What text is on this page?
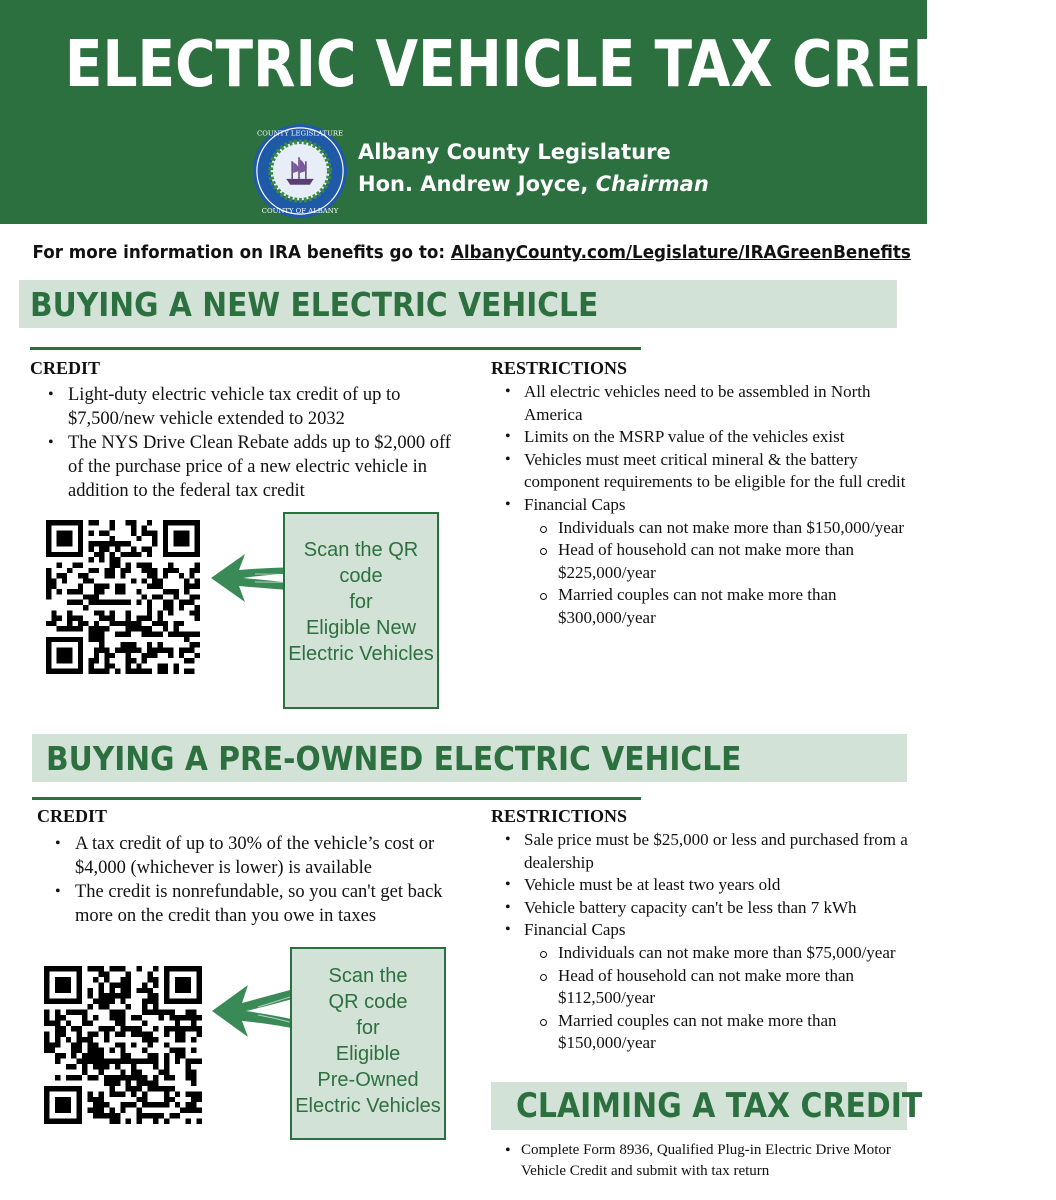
ELECTRIC VEHICLE TAX CREDITS
COUNTY LEGISLATURE
COUNTY OF ALBANY
Albany County Legislature
Hon. Andrew Joyce, Chairman
For more information on IRA benefits go to: AlbanyCounty.com/Legislature/IRAGreenBenefits
BUYING A NEW ELECTRIC VEHICLE
CREDIT
• Light-duty electric vehicle tax credit of up to $7,500/new vehicle extended to 2032
• The NYS Drive Clean Rebate adds up to $2,000 off of the purchase price of a new electric vehicle in addition to the federal tax credit
RESTRICTIONS
• All electric vehicles need to be assembled in North America
• Limits on the MSRP value of the vehicles exist
• Vehicles must meet critical mineral & the battery component requirements to be eligible for the full credit
• Financial Caps
Individuals can not make more than $150,000/year
Head of household can not make more than $225,000/year
Married couples can not make more than $300,000/year
Scan the QR
code
for
Eligible New
Electric Vehicles
BUYING A PRE-OWNED ELECTRIC VEHICLE
CREDIT
• A tax credit of up to 30% of the vehicle’s cost or $4,000 (whichever is lower) is available
• The credit is nonrefundable, so you can't get back more on the credit than you owe in taxes
RESTRICTIONS
• Sale price must be $25,000 or less and purchased from a dealership
• Vehicle must be at least two years old
• Vehicle battery capacity can't be less than 7 kWh
• Financial Caps
Individuals can not make more than $75,000/year
Head of household can not make more than $112,500/year
Married couples can not make more than $150,000/year
Scan the
QR code
for
Eligible
Pre-Owned
Electric Vehicles CLAIMING A TAX CREDIT
• Complete Form 8936, Qualified Plug-in Electric Drive Motor Vehicle Credit and submit with tax return
